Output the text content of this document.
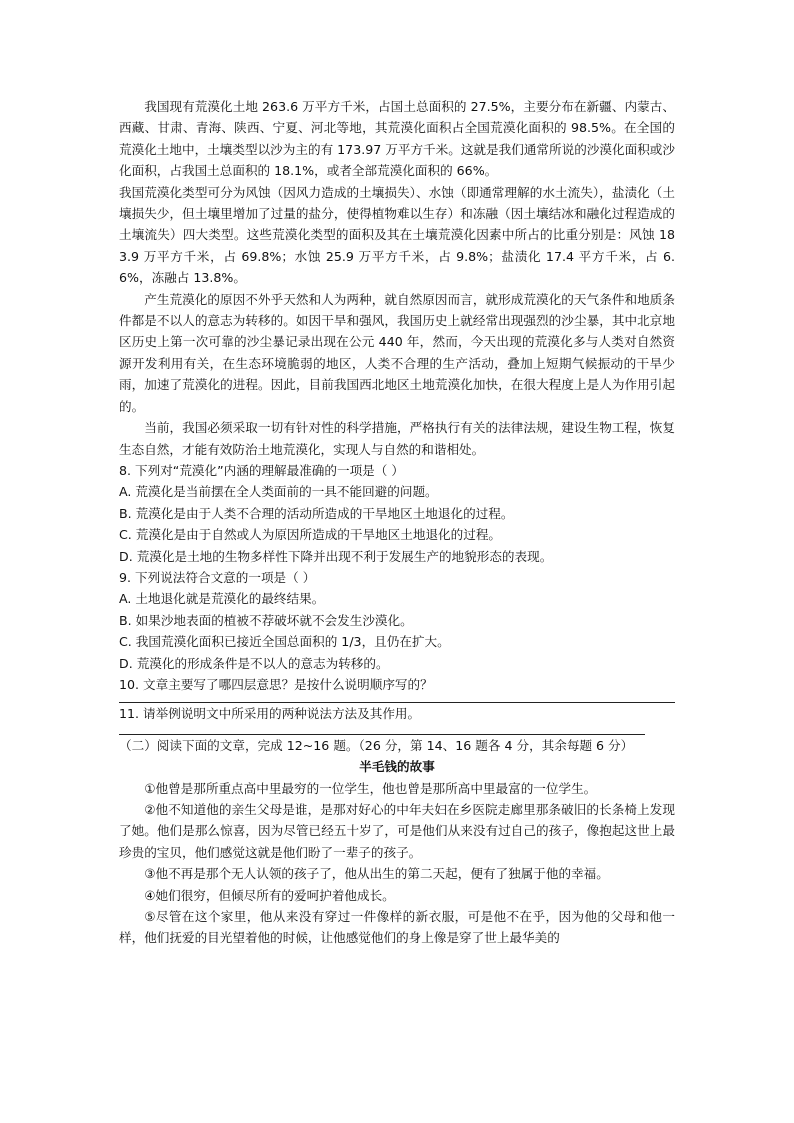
我国现有荒漠化土地 263.6 万平方千米，占国土总面积的 27.5%，主要分布在新疆、内蒙古、西藏、甘肃、青海、陕西、宁夏、河北等地，其荒漠化面积占全国荒漠化面积的 98.5%。在全国的荒漠化土地中，土壤类型以沙为主的有 173.97 万平方千米。这就是我们通常所说的沙漠化面积或沙化面积，占我国土总面积的 18.1%，或者全部荒漠化面积的 66%。

我国荒漠化类型可分为风蚀（因风力造成的土壤损失）、水蚀（即通常理解的水土流失），盐渍化（土壤损失少，但土壤里增加了过量的盐分，使得植物难以生存）和冻融（因土壤结冰和融化过程造成的土壤流失）四大类型。这些荒漠化类型的面积及其在土壤荒漠化因素中所占的比重分别是：风蚀 183.9 万平方千米，占 69.8%；水蚀 25.9 万平方千米，占 9.8%；盐渍化 17.4 平方千米，占 6.6%，冻融占 13.8%。

产生荒漠化的原因不外乎天然和人为两种，就自然原因而言，就形成荒漠化的天气条件和地质条件都是不以人的意志为转移的。如因干旱和强风，我国历史上就经常出现强烈的沙尘暴，其中北京地区历史上第一次可靠的沙尘暴记录出现在公元 440 年，然而，今天出现的荒漠化多与人类对自然资源开发利用有关，在生态环境脆弱的地区，人类不合理的生产活动，叠加上短期气候振动的干旱少雨，加速了荒漠化的进程。因此，目前我国西北地区土地荒漠化加快，在很大程度上是人为作用引起的。

当前，我国必须采取一切有针对性的科学措施，严格执行有关的法律法规，建设生物工程，恢复生态自然，才能有效防治土地荒漠化，实现人与自然的和谐相处。

8. 下列对“荒漠化”内涵的理解最准确的一项是（ ）

A. 荒漠化是当前摆在全人类面前的一具不能回避的问题。

B. 荒漠化是由于人类不合理的活动所造成的干旱地区土地退化的过程。

C. 荒漠化是由于自然或人为原因所造成的干旱地区土地退化的过程。

D. 荒漠化是土地的生物多样性下降并出现不利于发展生产的地貌形态的表现。

9. 下列说法符合文意的一项是（ ）

A. 土地退化就是荒漠化的最终结果。

B. 如果沙地表面的植被不荐破坏就不会发生沙漠化。

C. 我国荒漠化面积已接近全国总面积的 1/3，且仍在扩大。

D. 荒漠化的形成条件是不以人的意志为转移的。

10. 文章主要写了哪四层意思？是按什么说明顺序写的？

11. 请举例说明文中所采用的两种说法方法及其作用。

（二）阅读下面的文章，完成 12~16 题。（26 分，第 14、16 题各 4 分，其余每题 6 分）

半毛钱的故事

①他曾是那所重点高中里最穷的一位学生，他也曾是那所高中里最富的一位学生。

②他不知道他的亲生父母是谁，是那对好心的中年夫妇在乡医院走廊里那条破旧的长条椅上发现了她。他们是那么惊喜，因为尽管已经五十岁了，可是他们从来没有过自己的孩子，像抱起这世上最珍贵的宝贝，他们感觉这就是他们盼了一辈子的孩子。

③他不再是那个无人认领的孩子了，他从出生的第二天起，便有了独属于他的幸福。

④她们很穷，但倾尽所有的爱呵护着他成长。

⑤尽管在这个家里，他从来没有穿过一件像样的新衣服，可是他不在乎，因为他的父母和他一样，他们抚爱的目光望着他的时候，让他感觉他们的身上像是穿了世上最华美的
